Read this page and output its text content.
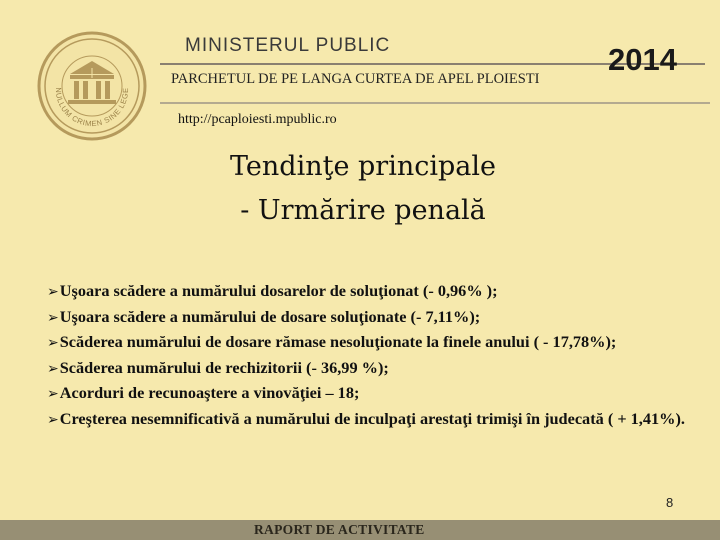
NULLUM CRIMEN SINE LEGE
MINISTERUL PUBLIC
PARCHETUL DE PE LANGA CURTEA DE APEL PLOIESTI
2014
http://pcaploiesti.mpublic.ro
Tendinţe principale
- Urmărire penală

➢Uşoara scădere a numărului dosarelor de soluţionat (- 0,96% );

➢Uşoara scădere a numărului de dosare soluţionate (- 7,11%);

➢Scăderea numărului de dosare rămase nesoluţionate la finele anului ( - 17,78%);

➢Scăderea numărului de rechizitorii (- 36,99 %);

➢Acorduri de recunoaştere a vinovăţiei – 18;

➢Creşterea nesemnificativă a numărului de inculpaţi arestaţi trimişi în judecată ( + 1,41%).

8
RAPORT DE ACTIVITATE
